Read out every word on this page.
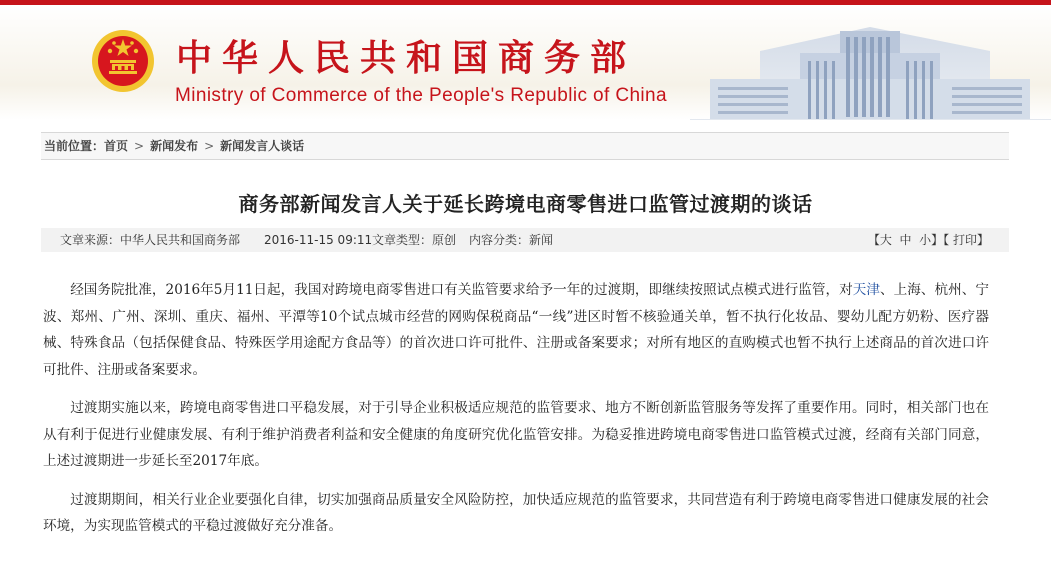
中华人民共和国商务部
Ministry of Commerce of the People's Republic of China
当前位置：首页 > 新闻发布 > 新闻发言人谈话
商务部新闻发言人关于延长跨境电商零售进口监管过渡期的谈话
文章来源：中华人民共和国商务部 2016-11-15 09:11 文章类型：原创 内容分类：新闻	【大 中 小】【 打印】

经国务院批准，2016年5月11日起，我国对跨境电商零售进口有关监管要求给予一年的过渡期，即继续按照试点模式进行监管，对天津、上海、杭州、宁波、郑州、广州、深圳、重庆、福州、平潭等10个试点城市经营的网购保税商品“一线”进区时暂不核验通关单，暂不执行化妆品、婴幼儿配方奶粉、医疗器械、特殊食品（包括保健食品、特殊医学用途配方食品等）的首次进口许可批件、注册或备案要求；对所有地区的直购模式也暂不执行上述商品的首次进口许可批件、注册或备案要求。

过渡期实施以来，跨境电商零售进口平稳发展，对于引导企业积极适应规范的监管要求、地方不断创新监管服务等发挥了重要作用。同时，相关部门也在从有利于促进行业健康发展、有利于维护消费者利益和安全健康的角度研究优化监管安排。为稳妥推进跨境电商零售进口监管模式过渡，经商有关部门同意，上述过渡期进一步延长至2017年底。

过渡期期间，相关行业企业要强化自律，切实加强商品质量安全风险防控，加快适应规范的监管要求，共同营造有利于跨境电商零售进口健康发展的社会环境，为实现监管模式的平稳过渡做好充分准备。
